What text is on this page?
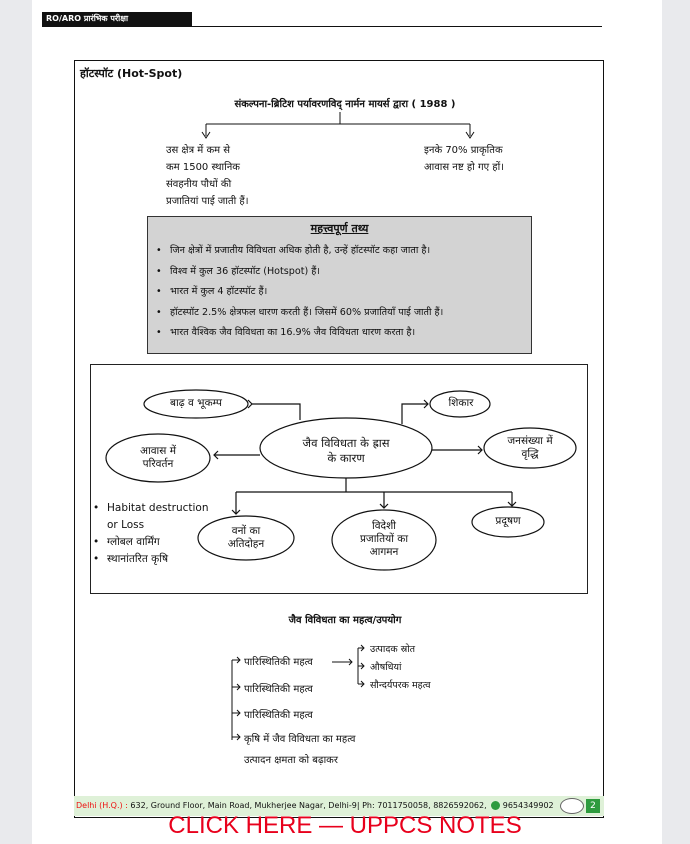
RO/ARO प्रारंभिक परीक्षा
हॉटस्पॉट (Hot-Spot)
संकल्पना-ब्रिटिश पर्यावरणविद् नार्मन मायर्स द्वारा ( 1988 )
उस क्षेत्र में कम से
कम 1500 स्थानिक
संवहनीय पौधों की
प्रजातियां पाई जाती हैं।
इनके 70% प्राकृतिक
आवास नष्ट हो गए हों।
महत्त्वपूर्ण तथ्य
• जिन क्षेत्रों में प्रजातीय विविधता अधिक होती है, उन्हें हॉटस्पॉट कहा जाता है।
• विश्व में कुल 36 हॉटस्पॉट (Hotspot) हैं।
• भारत में कुल 4 हॉटस्पॉट हैं।
• हॉटस्पॉट 2.5% क्षेत्रफल धारण करती हैं। जिसमें 60% प्रजातियाँ पाई जाती हैं।
• भारत वैश्विक जैव विविधता का 16.9% जैव विविधता धारण करता है।
बाढ़ व भूकम्प	शिकार
आवास में
परिवर्तन
जैव विविधता के ह्रास
के कारण
जनसंख्या में
वृद्धि
वनों का
अतिदोहन
विदेशी
प्रजातियों का
आगमन
प्रदूषण
• Habitat destruction
or Loss
• ग्लोबल वार्मिंग
• स्थानांतरित कृषि
जैव विविधता का महत्व/उपयोग
पारिस्थितिकी महत्व
पारिस्थितिकी महत्व
पारिस्थितिकी महत्व
कृषि में जैव विविधता का महत्व
उत्पादन क्षमता को बढ़ाकर
उत्पादक स्रोत
औषधियां
सौन्दर्यपरक महत्व
Delhi (H.Q.) : 632, Ground Floor, Main Road, Mukherjee Nagar, Delhi-9| Ph: 7011750058, 8826592062, 9654349902	2
CLICK HERE — UPPCS NOTES
